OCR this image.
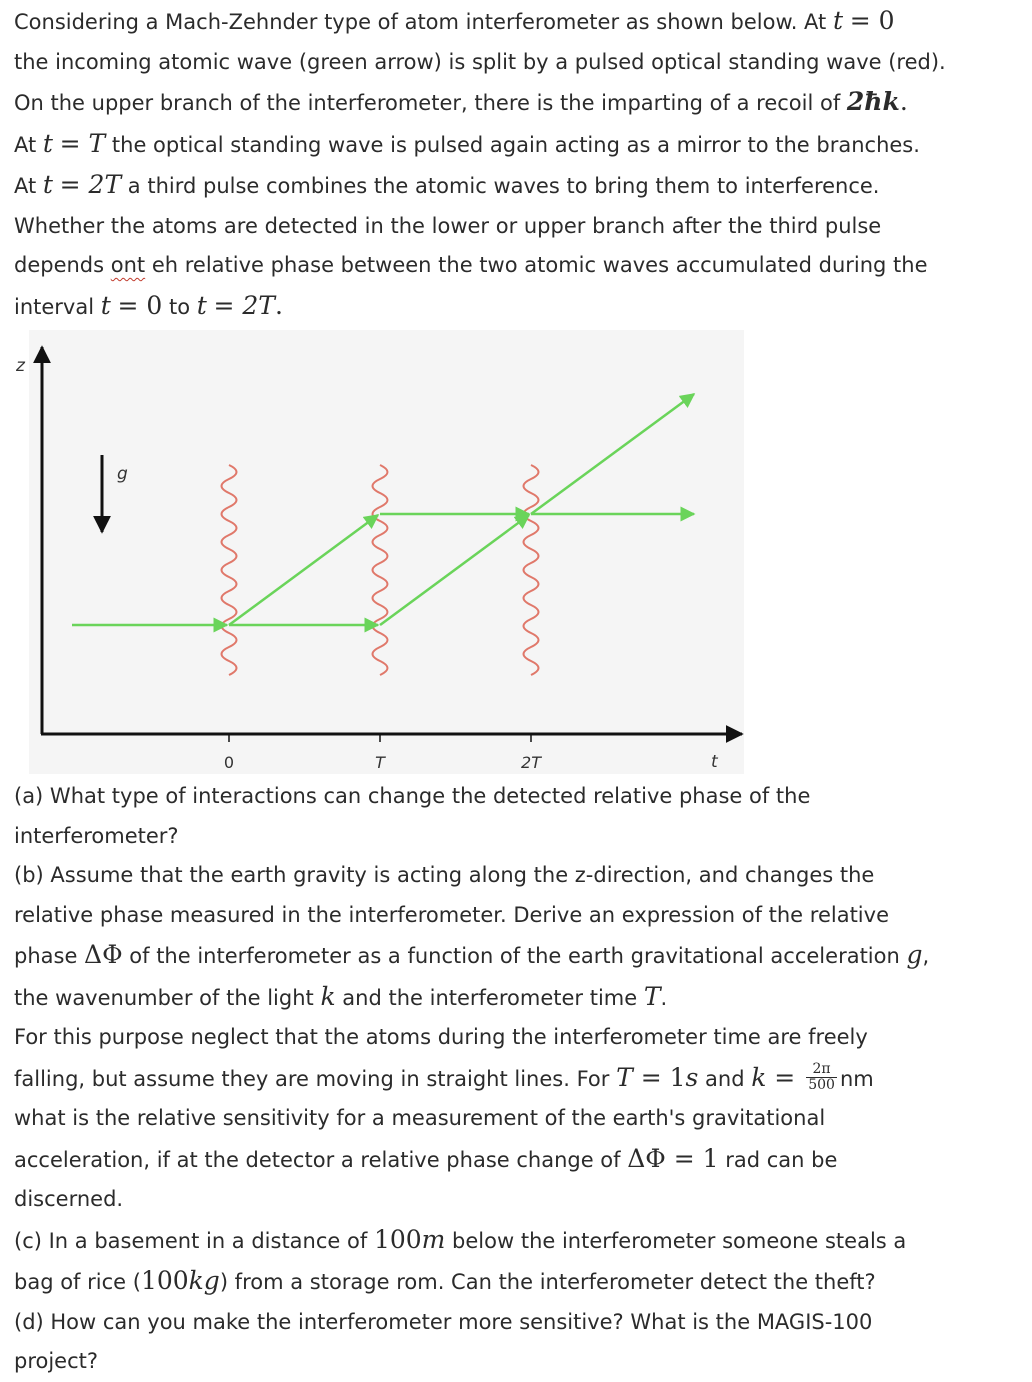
Considering a Mach-Zehnder type of atom interferometer as shown below. At t = 0

the incoming atomic wave (green arrow) is split by a pulsed optical standing wave (red).

On the upper branch of the interferometer, there is the imparting of a recoil of 2ħk.

At t = T the optical standing wave is pulsed again acting as a mirror to the branches.

At t = 2T a third pulse combines the atomic waves to bring them to interference.

Whether the atoms are detected in the lower or upper branch after the third pulse

depends ont eh relative phase between the two atomic waves accumulated during the

interval t = 0 to t = 2T.

z
t
0	T	2T
g

(a) What type of interactions can change the detected relative phase of the

interferometer?

(b) Assume that the earth gravity is acting along the z-direction, and changes the

relative phase measured in the interferometer. Derive an expression of the relative

phase ΔΦ of the interferometer as a function of the earth gravitational acceleration g,

the wavenumber of the light k and the interferometer time T.

For this purpose neglect that the atoms during the interferometer time are freely

falling, but assume they are moving in straight lines. For T = 1s and $k = \frac{2\pi}{500}$ nm

what is the relative sensitivity for a measurement of the earth's gravitational

acceleration, if at the detector a relative phase change of ΔΦ = 1 rad can be

discerned.

(c) In a basement in a distance of 100m below the interferometer someone steals a

bag of rice (100kg) from a storage rom. Can the interferometer detect the theft?

(d) How can you make the interferometer more sensitive? What is the MAGIS-100

project?
